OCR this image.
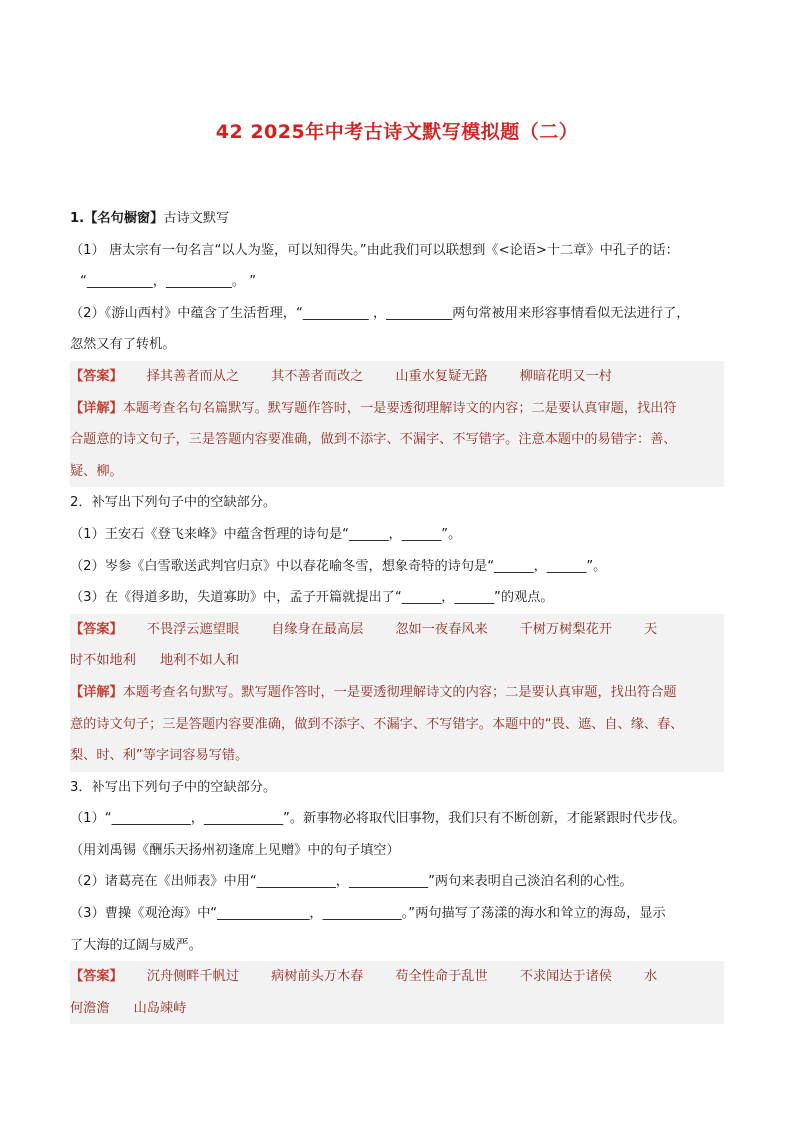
42 2025年中考古诗文默写模拟题（二）
1.【名句橱窗】古诗文默写
（1） 唐太宗有一句名言“以人为鉴，可以知得失。”由此我们可以联想到《<论语>十二章》中孔子的话：
“__________，__________。 ”
（2）《游山西村》中蕴含了生活哲理，“__________ ，__________两句常被用来形容事情看似无法进行了，
忽然又有了转机。
【答案】 择其善者而从之 其不善者而改之 山重水复疑无路 柳暗花明又一村
【详解】本题考查名句名篇默写。默写题作答时，一是要透彻理解诗文的内容；二是要认真审题，找出符
合题意的诗文句子，三是答题内容要准确，做到不添字、不漏字、不写错字。注意本题中的易错字：善、
疑、柳。
2．补写出下列句子中的空缺部分。
（1）王安石《登飞来峰》中蕴含哲理的诗句是“______，______”。
（2）岑参《白雪歌送武判官归京》中以春花喻冬雪，想象奇特的诗句是“______，______”。
（3）在《得道多助，失道寡助》中，孟子开篇就提出了“______，______”的观点。
【答案】 不畏浮云遮望眼 自缘身在最高层 忽如一夜春风来 千树万树梨花开 天
时不如地利 地利不如人和
【详解】本题考查名句默写。默写题作答时，一是要透彻理解诗文的内容；二是要认真审题，找出符合题
意的诗文句子；三是答题内容要准确，做到不添字、不漏字、不写错字。本题中的“畏、遮、自、缘、春、
梨、时、利”等字词容易写错。
3．补写出下列句子中的空缺部分。
（1）“____________，____________”。新事物必将取代旧事物，我们只有不断创新，才能紧跟时代步伐。
（用刘禹锡《酬乐天扬州初逢席上见赠》中的句子填空）
（2）诸葛亮在《出师表》中用“____________，____________”两句来表明自己淡泊名利的心性。
（3）曹操《观沧海》中“______________，____________。”两句描写了荡漾的海水和耸立的海岛，显示
了大海的辽阔与威严。
【答案】 沉舟侧畔千帆过 病树前头万木春 苟全性命于乱世 不求闻达于诸侯 水
何澹澹 山岛竦峙
